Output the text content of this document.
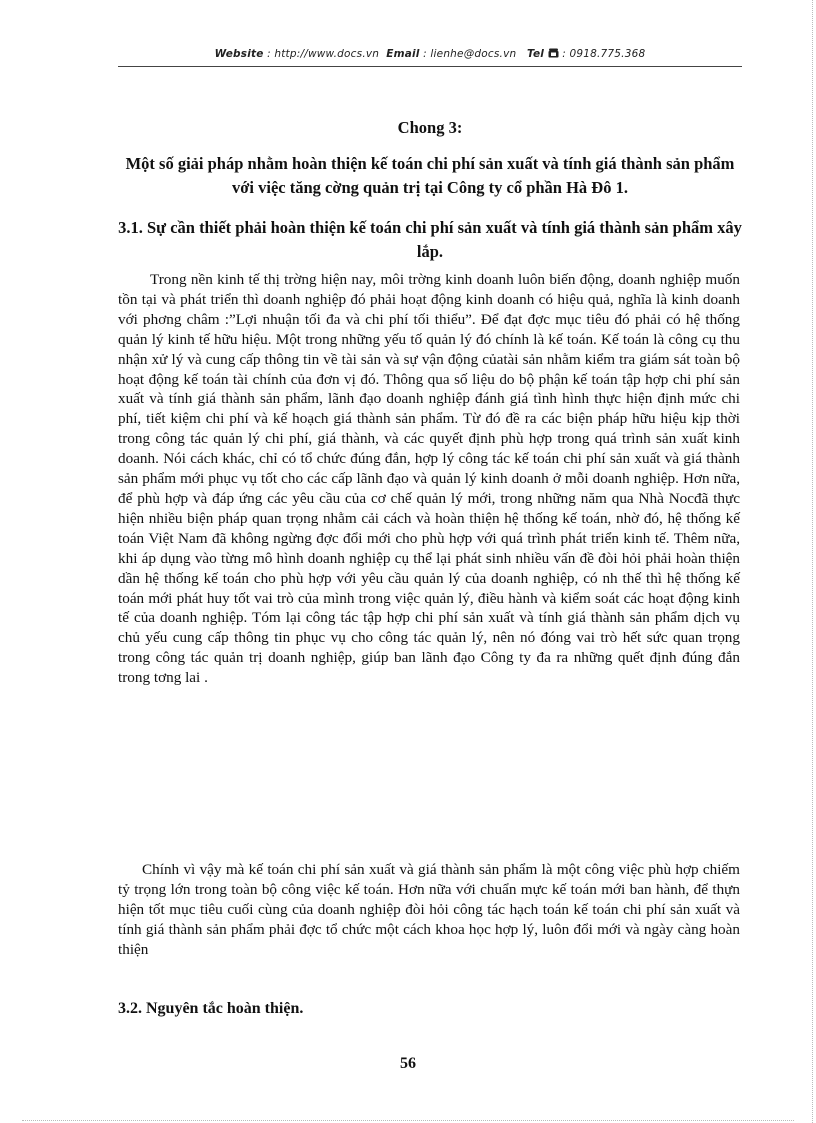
Website : http://www.docs.vn Email : lienhe@docs.vn Tel : 0918.775.368
Chong 3:
Một số giải pháp nhằm hoàn thiện kế toán chi phí sản xuất và tính giá thành sản phẩm với việc tăng cờng quản trị tại Công ty cổ phần Hà Đô 1.
3.1. Sự cần thiết phải hoàn thiện kế toán chi phí sản xuất và tính giá thành sản phẩm xây lắp.

Trong nền kinh tế thị trờng hiện nay, môi trờng kinh doanh luôn biến động, doanh nghiệp muốn tồn tại và phát triển thì doanh nghiệp đó phải hoạt động kinh doanh có hiệu quả, nghĩa là kinh doanh với phơng châm :”Lợi nhuận tối đa và chi phí tối thiểu”. Để đạt đợc mục tiêu đó phải có hệ thống quản lý kinh tế hữu hiệu. Một trong những yếu tố quản lý đó chính là kế toán. Kế toán là công cụ thu nhận xử lý và cung cấp thông tin về tài sản và sự vận động củatài sản nhằm kiểm tra giám sát toàn bộ hoạt động kế toán tài chính của đơn vị đó. Thông qua số liệu do bộ phận kế toán tập hợp chi phí sản xuất và tính giá thành sản phẩm, lãnh đạo doanh nghiệp đánh giá tình hình thực hiện định mức chi phí, tiết kiệm chi phí và kế hoạch giá thành sản phẩm. Từ đó đề ra các biện pháp hữu hiệu kịp thời trong công tác quản lý chi phí, giá thành, và các quyết định phù hợp trong quá trình sản xuất kinh doanh. Nói cách khác, chỉ có tổ chức đúng đắn, hợp lý công tác kế toán chi phí sản xuất và giá thành sản phẩm mới phục vụ tốt cho các cấp lãnh đạo và quản lý kinh doanh ở mỗi doanh nghiệp. Hơn nữa, để phù hợp và đáp ứng các yêu cầu của cơ chế quản lý mới, trong những năm qua Nhà Nocđã thực hiện nhiều biện pháp quan trọng nhằm cải cách và hoàn thiện hệ thống kế toán, nhờ đó, hệ thống kế toán Việt Nam đã không ngừng đợc đổi mới cho phù hợp với quá trình phát triển kinh tế. Thêm nữa, khi áp dụng vào từng mô hình doanh nghiệp cụ thể lại phát sinh nhiều vấn đề đòi hỏi phải hoàn thiện dần hệ thống kế toán cho phù hợp với yêu cầu quản lý của doanh nghiệp, có nh thế thì hệ thống kế toán mới phát huy tốt vai trò của mình trong việc quản lý, điều hành và kiểm soát các hoạt động kinh tế của doanh nghiệp. Tóm lại công tác tập hợp chi phí sản xuất và tính giá thành sản phẩm dịch vụ chủ yếu cung cấp thông tin phục vụ cho công tác quản lý, nên nó đóng vai trò hết sức quan trọng trong công tác quản trị doanh nghiệp, giúp ban lãnh đạo Công ty đa ra những quết định đúng đắn trong tơng lai .

Chính vì vậy mà kế toán chi phí sản xuất và giá thành sản phẩm là một công việc phù hợp chiếm tỷ trọng lớn trong toàn bộ công việc kế toán. Hơn nữa với chuẩn mực kế toán mới ban hành, để thựn hiện tốt mục tiêu cuối cùng của doanh nghiệp đòi hỏi công tác hạch toán kế toán chi phí sản xuất và tính giá thành sản phẩm phải đợc tổ chức một cách khoa học hợp lý, luôn đổi mới và ngày càng hoàn thiện

3.2. Nguyên tắc hoàn thiện.
56
